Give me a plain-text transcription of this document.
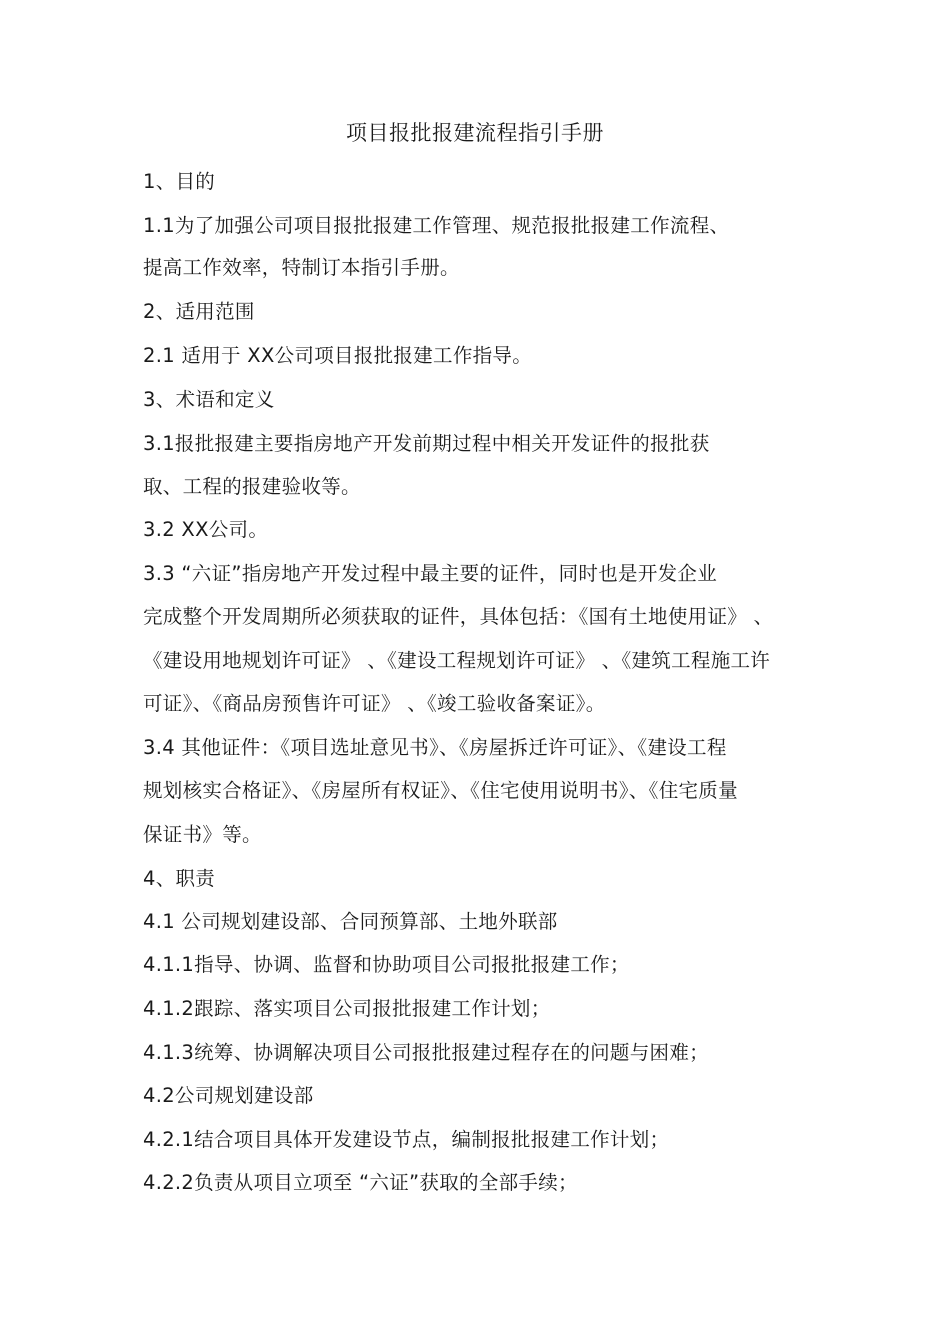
项目报批报建流程指引手册
1、目的
1.1为了加强公司项目报批报建工作管理、规范报批报建工作流程、
提高工作效率，特制订本指引手册。
2、适用范围
2.1 适用于 XX公司项目报批报建工作指导。
3、术语和定义
3.1报批报建主要指房地产开发前期过程中相关开发证件的报批获
取、工程的报建验收等。
3.2 XX公司。
3.3 “六证”指房地产开发过程中最主要的证件，同时也是开发企业
完成整个开发周期所必须获取的证件，具体包括：《国有土地使用证》 、
《建设用地规划许可证》 、《建设工程规划许可证》 、《建筑工程施工许
可证》、《商品房预售许可证》 、《竣工验收备案证》。
3.4 其他证件：《项目选址意见书》、《房屋拆迁许可证》、《建设工程
规划核实合格证》、《房屋所有权证》、《住宅使用说明书》、《住宅质量
保证书》等。
4、职责
4.1 公司规划建设部、合同预算部、土地外联部
4.1.1指导、协调、监督和协助项目公司报批报建工作；
4.1.2跟踪、落实项目公司报批报建工作计划；
4.1.3统筹、协调解决项目公司报批报建过程存在的问题与困难；
4.2公司规划建设部
4.2.1结合项目具体开发建设节点，编制报批报建工作计划；
4.2.2负责从项目立项至 “六证”获取的全部手续；
